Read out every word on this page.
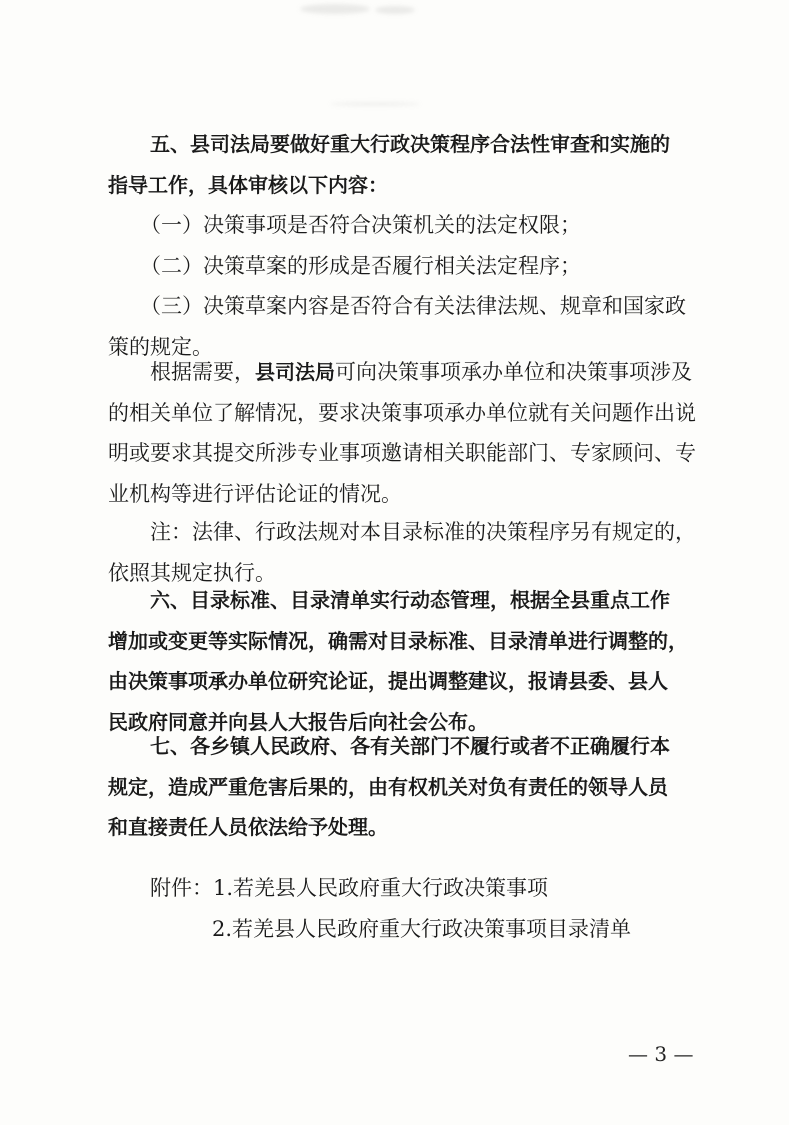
五、县司法局要做好重大行政决策程序合法性审查和实施的
指导工作，具体审核以下内容：
（一）决策事项是否符合决策机关的法定权限；
（二）决策草案的形成是否履行相关法定程序；
（三）决策草案内容是否符合有关法律法规、规章和国家政
策的规定。
根据需要，县司法局可向决策事项承办单位和决策事项涉及
的相关单位了解情况，要求决策事项承办单位就有关问题作出说
明或要求其提交所涉专业事项邀请相关职能部门、专家顾问、专
业机构等进行评估论证的情况。
注：法律、行政法规对本目录标准的决策程序另有规定的，
依照其规定执行。
六、目录标准、目录清单实行动态管理，根据全县重点工作
增加或变更等实际情况，确需对目录标准、目录清单进行调整的，
由决策事项承办单位研究论证，提出调整建议，报请县委、县人
民政府同意并向县人大报告后向社会公布。
七、各乡镇人民政府、各有关部门不履行或者不正确履行本
规定，造成严重危害后果的，由有权机关对负有责任的领导人员
和直接责任人员依法给予处理。
附件：1.若羌县人民政府重大行政决策事项
2.若羌县人民政府重大行政决策事项目录清单
— 3 —
